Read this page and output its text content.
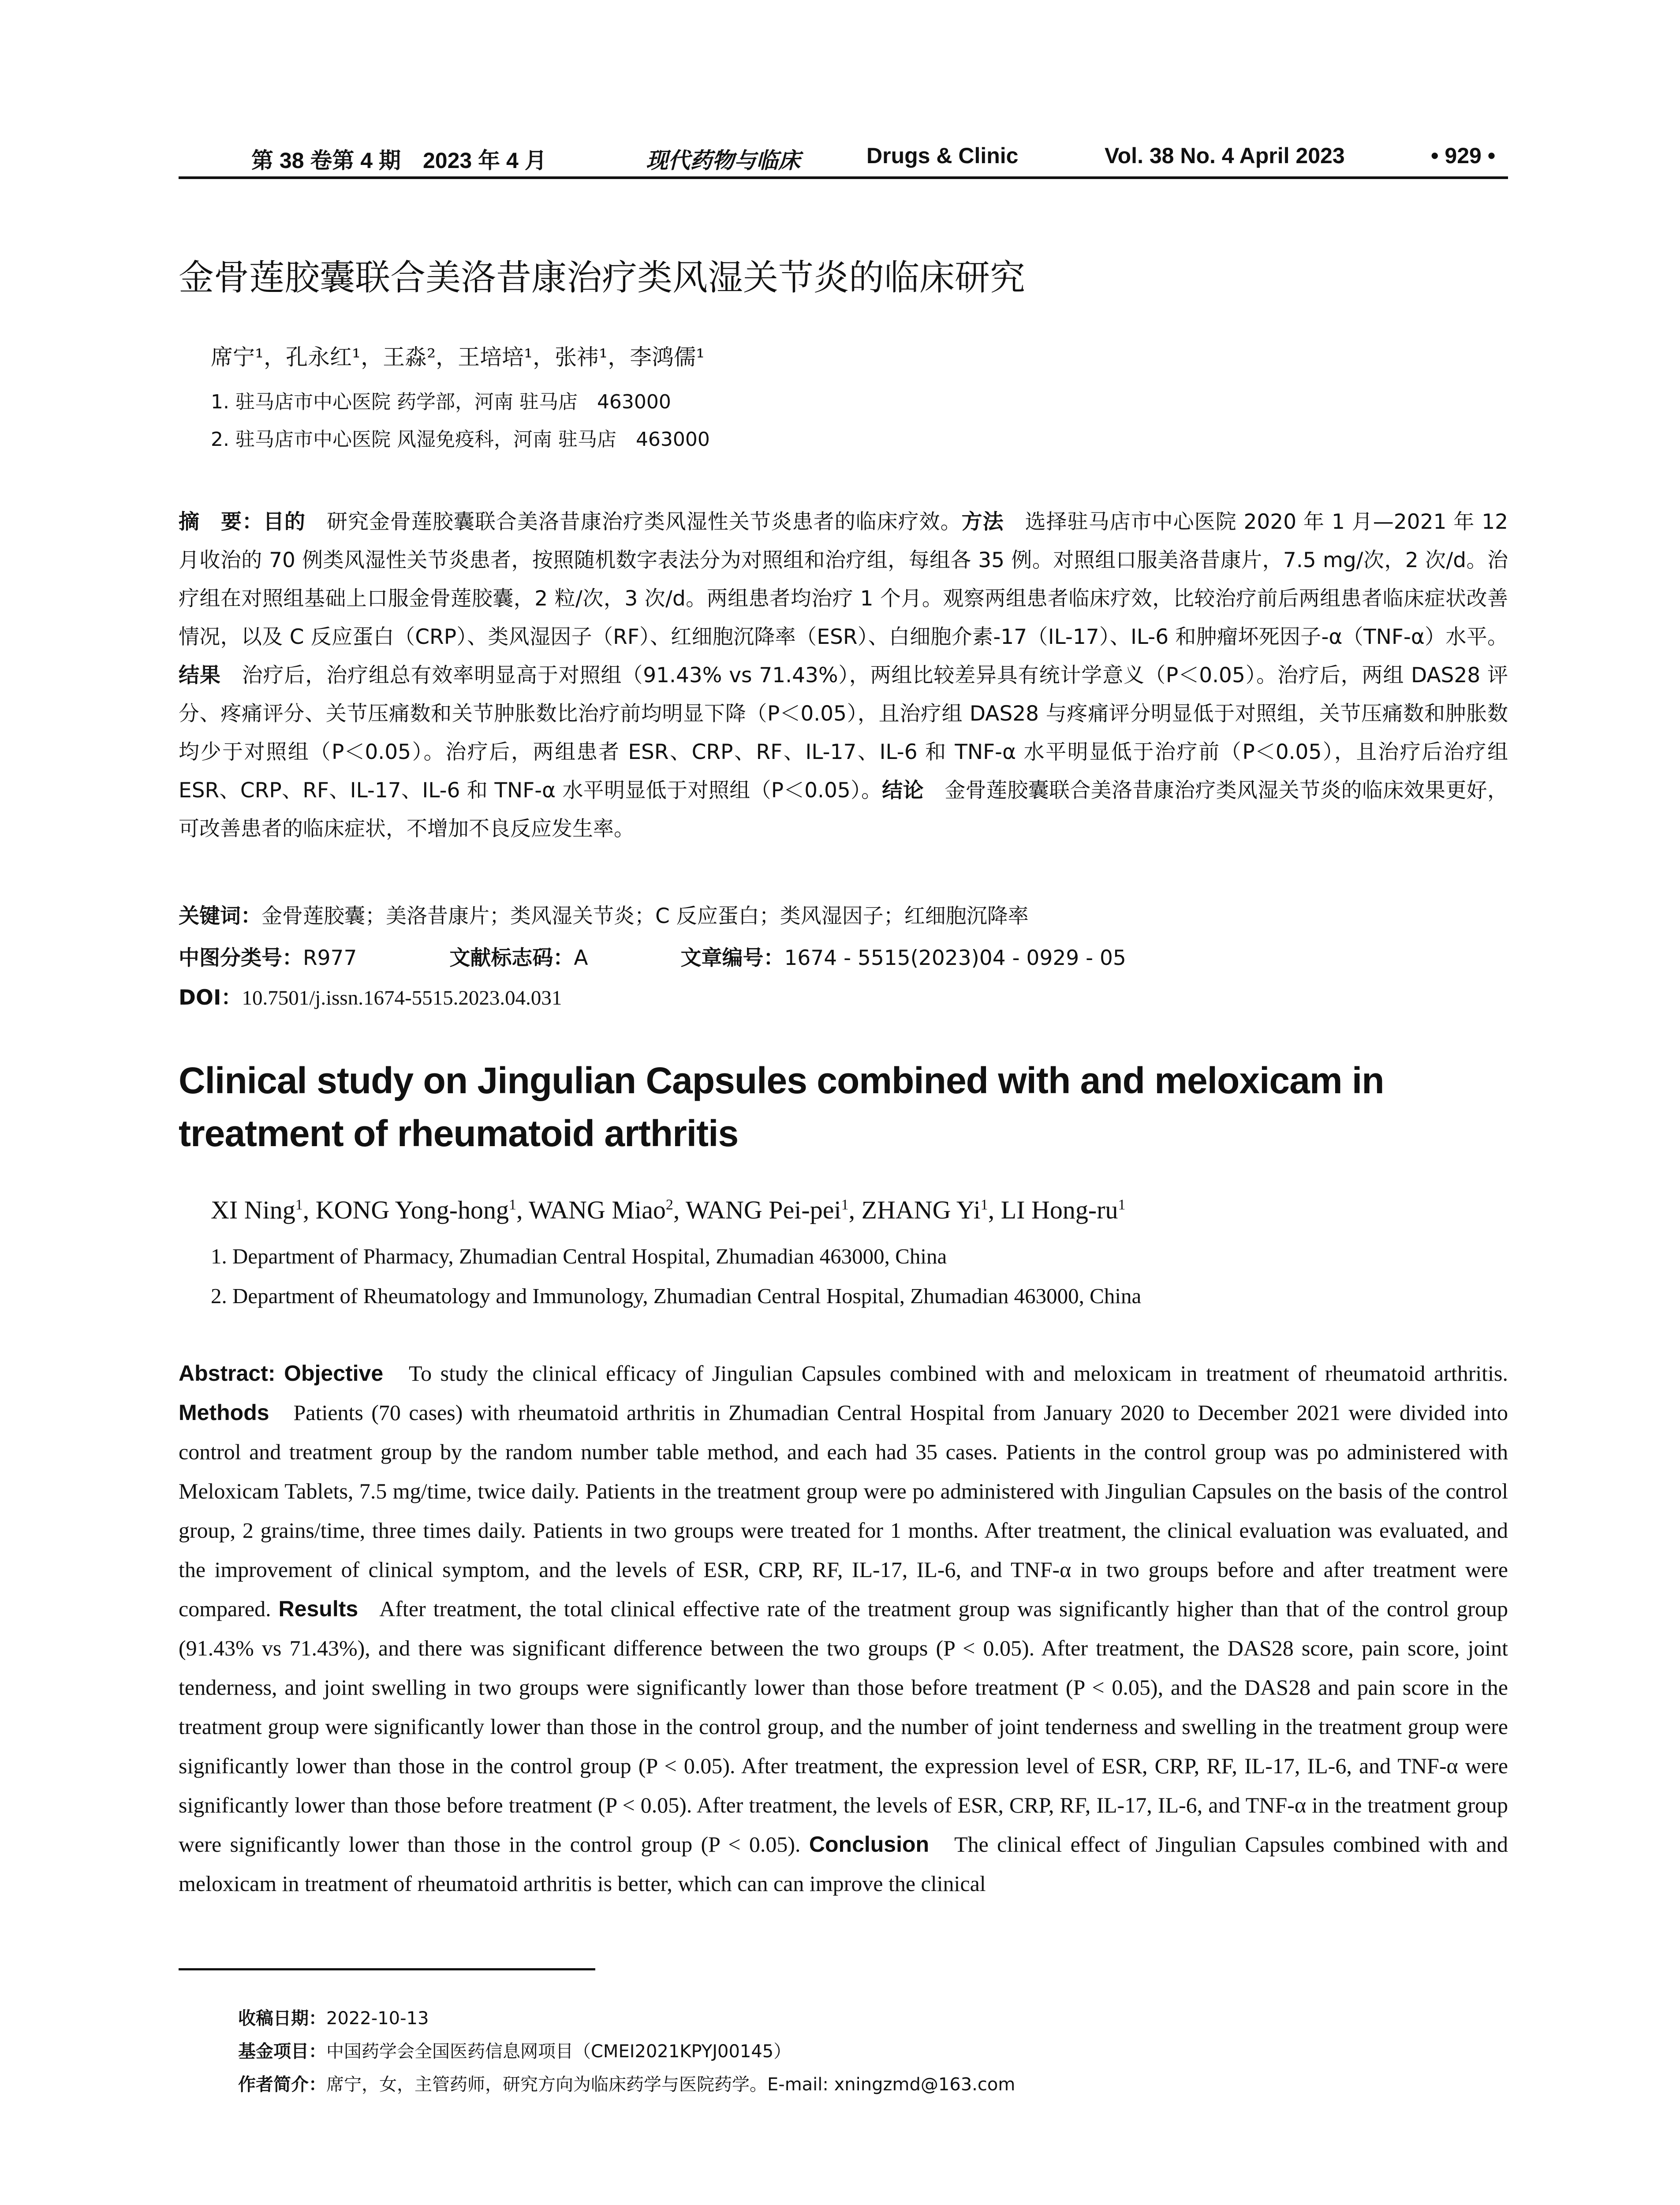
第 38 卷第 4 期　2023 年 4 月	现代药物与临床	Drugs & Clinic	Vol. 38 No. 4 April 2023	• 929 •
金骨莲胶囊联合美洛昔康治疗类风湿关节炎的临床研究
席宁¹，孔永红¹，王淼²，王培培¹，张祎¹，李鸿儒¹
1. 驻马店市中心医院 药学部，河南 驻马店　463000
2. 驻马店市中心医院 风湿免疫科，河南 驻马店　463000
摘　要：目的　 研究金骨莲胶囊联合美洛昔康治疗类风湿性关节炎患者的临床疗效。方法　 选择驻马店市中心医院 2020 年 1 月—2021 年 12 月收治的 70 例类风湿性关节炎患者，按照随机数字表法分为对照组和治疗组，每组各 35 例。对照组口服美洛昔康片，7.5 mg/次，2 次/d。治疗组在对照组基础上口服金骨莲胶囊，2 粒/次，3 次/d。两组患者均治疗 1 个月。观察两组患者临床疗效，比较治疗前后两组患者临床症状改善情况，以及 C 反应蛋白（CRP）、类风湿因子（RF）、红细胞沉降率（ESR）、白细胞介素-17（IL-17）、IL-6 和肿瘤坏死因子-α（TNF-α）水平。结果　 治疗后，治疗组总有效率明显高于对照组（91.43% vs 71.43%），两组比较差异具有统计学意义（P＜0.05）。治疗后，两组 DAS28 评分、疼痛评分、关节压痛数和关节肿胀数比治疗前均明显下降（P＜0.05），且治疗组 DAS28 与疼痛评分明显低于对照组，关节压痛数和肿胀数均少于对照组（P＜0.05）。治疗后，两组患者 ESR、CRP、RF、IL-17、IL-6 和 TNF-α 水平明显低于治疗前（P＜0.05），且治疗后治疗组 ESR、CRP、RF、IL-17、IL-6 和 TNF-α 水平明显低于对照组（P＜0.05）。结论　 金骨莲胶囊联合美洛昔康治疗类风湿关节炎的临床效果更好，可改善患者的临床症状，不增加不良反应发生率。
关键词：金骨莲胶囊；美洛昔康片；类风湿关节炎；C 反应蛋白；类风湿因子；红细胞沉降率
中图分类号：R977	文献标志码：A	文章编号：1674 - 5515(2023)04 - 0929 - 05
DOI：10.7501/j.issn.1674-5515.2023.04.031
Clinical study on Jingulian Capsules combined with and meloxicam in treatment of rheumatoid arthritis
XI Ning$^1$, KONG Yong-hong$^1$, WANG Miao$^2$, WANG Pei-pei$^1$, ZHANG Yi$^1$, LI Hong-$ru^1$
1. Department of Pharmacy, Zhumadian Central Hospital, Zhumadian 463000, China
2. Department of Rheumatology and Immunology, Zhumadian Central Hospital, Zhumadian 463000, China
Abstract: Objective To study the clinical efficacy of Jingulian Capsules combined with and meloxicam in treatment of rheumatoid arthritis. Methods Patients (70 cases) with rheumatoid arthritis in Zhumadian Central Hospital from January 2020 to December 2021 were divided into control and treatment group by the random number table method, and each had 35 cases. Patients in the control group was po administered with Meloxicam Tablets, 7.5 mg/time, twice daily. Patients in the treatment group were po administered with Jingulian Capsules on the basis of the control group, 2 grains/time, three times daily. Patients in two groups were treated for 1 months. After treatment, the clinical evaluation was evaluated, and the improvement of clinical symptom, and the levels of ESR, CRP, RF, IL-17, IL-6, and TNF-α in two groups before and after treatment were compared. Results After treatment, the total clinical effective rate of the treatment group was significantly higher than that of the control group (91.43% vs 71.43%), and there was significant difference between the two groups (P < 0.05). After treatment, the DAS28 score, pain score, joint tenderness, and joint swelling in two groups were significantly lower than those before treatment (P < 0.05), and the DAS28 and pain score in the treatment group were significantly lower than those in the control group, and the number of joint tenderness and swelling in the treatment group were significantly lower than those in the control group (P < 0.05). After treatment, the expression level of ESR, CRP, RF, IL-17, IL-6, and TNF-α were significantly lower than those before treatment (P < 0.05). After treatment, the levels of ESR, CRP, RF, IL-17, IL-6, and TNF-α in the treatment group were significantly lower than those in the control group (P < 0.05). Conclusion The clinical effect of Jingulian Capsules combined with and meloxicam in treatment of rheumatoid arthritis is better, which can can improve the clinical
收稿日期：2022-10-13
基金项目：中国药学会全国医药信息网项目（CMEI2021KPYJ00145）
作者简介：席宁，女，主管药师，研究方向为临床药学与医院药学。E-mail: xningzmd@163.com
